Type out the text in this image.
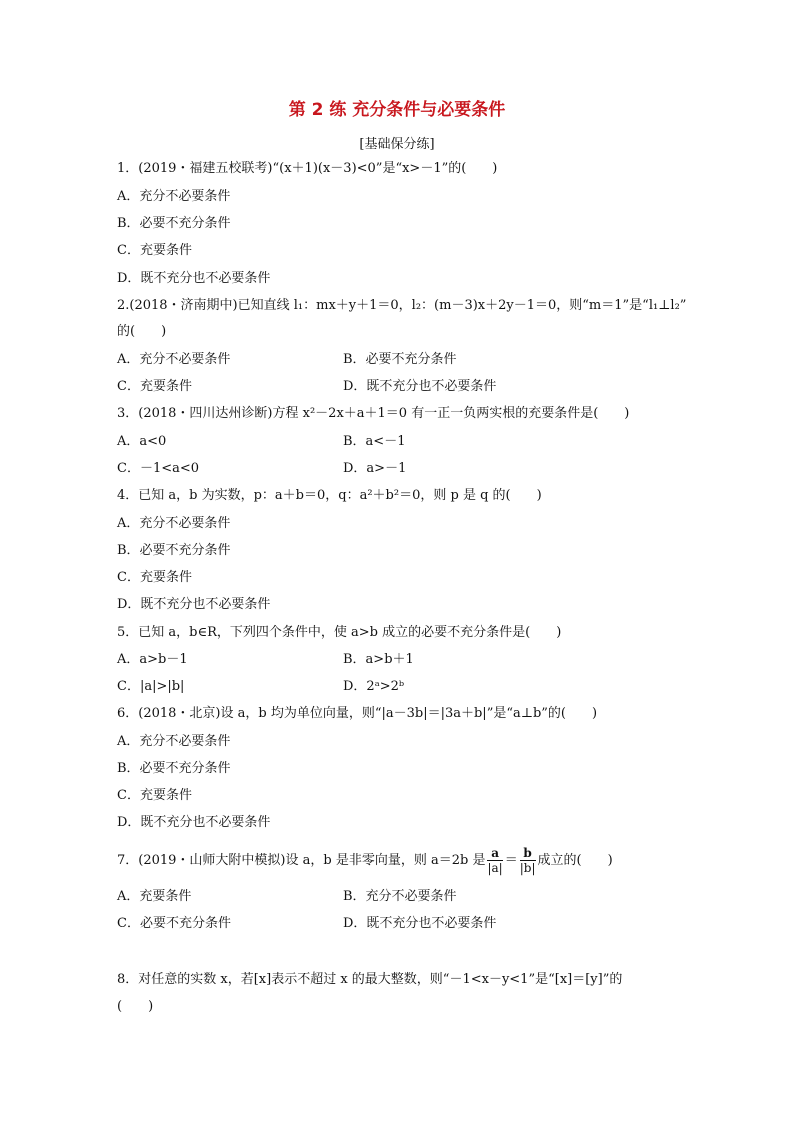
第 2 练 充分条件与必要条件
[基础保分练]
1．(2019・福建五校联考)“(x＋1)(x－3)<0”是“x>－1”的(　　)
A．充分不必要条件
B．必要不充分条件
C．充要条件
D．既不充分也不必要条件
2.(2018・济南期中)已知直线 l₁：mx＋y＋1＝0，l₂：(m－3)x＋2y－1＝0，则“m＝1”是“l₁⊥l₂”
的(　　)
A．充分不必要条件	B．必要不充分条件
C．充要条件	D．既不充分也不必要条件
3．(2018・四川达州诊断)方程 x²－2x＋a＋1＝0 有一正一负两实根的充要条件是(　　)
A．a<0	B．a<－1
C．－1<a<0	D．a>－1
4．已知 a，b 为实数，p：a＋b＝0，q：a²＋b²＝0，则 p 是 q 的(　　)
A．充分不必要条件
B．必要不充分条件
C．充要条件
D．既不充分也不必要条件
5．已知 a，b∈R，下列四个条件中，使 a>b 成立的必要不充分条件是(　　)
A．a>b－1	B．a>b＋1
C．|a|>|b|	D．2ᵃ>2ᵇ
6．(2018・北京)设 a，b 均为单位向量，则“|a－3b|＝|3a＋b|”是“a⊥b”的(　　)
A．充分不必要条件
B．必要不充分条件
C．充要条件
D．既不充分也不必要条件
7．(2019・山师大附中模拟)设 a，b 是非零向量，则 a＝2b 是 $\frac{a}{|a|} = \frac{b}{|b|}$ 成立的(　　)
A．充要条件	B．充分不必要条件
C．必要不充分条件	D．既不充分也不必要条件
8．对任意的实数 x，若[x]表示不超过 x 的最大整数，则“－1<x－y<1”是“[x]＝[y]”的
(　　)
